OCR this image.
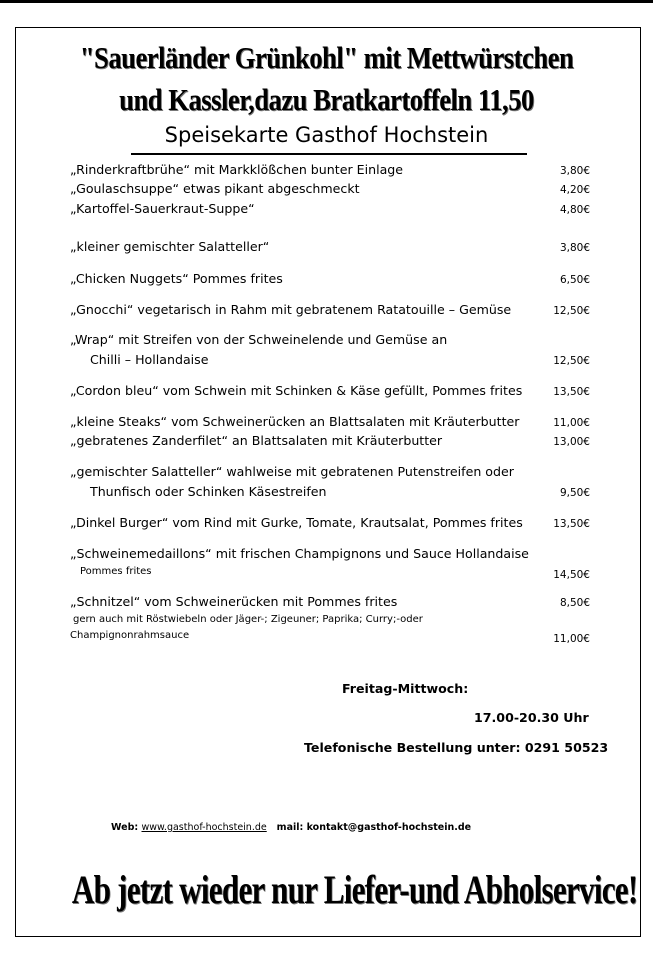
"Sauerländer Grünkohl" mit Mettwürstchen
und Kassler,dazu Bratkartoffeln 11,50
Speisekarte Gasthof Hochstein
„Rinderkraftbrühe“ mit Markklößchen bunter Einlage	3,80€
„Goulaschsuppe“ etwas pikant abgeschmeckt	4,20€
„Kartoffel-Sauerkraut-Suppe“	4,80€
„kleiner gemischter Salatteller“	3,80€
„Chicken Nuggets“ Pommes frites	6,50€
„Gnocchi“ vegetarisch in Rahm mit gebratenem Ratatouille – Gemüse	12,50€
„Wrap“ mit Streifen von der Schweinelende und Gemüse an
Chilli – Hollandaise	12,50€
„Cordon bleu“ vom Schwein mit Schinken & Käse gefüllt, Pommes frites	13,50€
„kleine Steaks“ vom Schweinerücken an Blattsalaten mit Kräuterbutter	11,00€
„gebratenes Zanderfilet“ an Blattsalaten mit Kräuterbutter	13,00€
„gemischter Salatteller“ wahlweise mit gebratenen Putenstreifen oder
Thunfisch oder Schinken Käsestreifen	9,50€
„Dinkel Burger“ vom Rind mit Gurke, Tomate, Krautsalat, Pommes frites	13,50€
„Schweinemedaillons“ mit frischen Champignons und Sauce Hollandaise
Pommes frites	14,50€
„Schnitzel“ vom Schweinerücken mit Pommes frites	8,50€
gern auch mit Röstwiebeln oder Jäger-; Zigeuner; Paprika; Curry;-oder
Champignonrahmsauce	11,00€
Freitag-Mittwoch:
17.00-20.30 Uhr
Telefonische Bestellung unter: 0291 50523
Web: www.gasthof-hochstein.de mail: kontakt@gasthof-hochstein.de
Ab jetzt wieder nur Liefer-und Abholservice!
